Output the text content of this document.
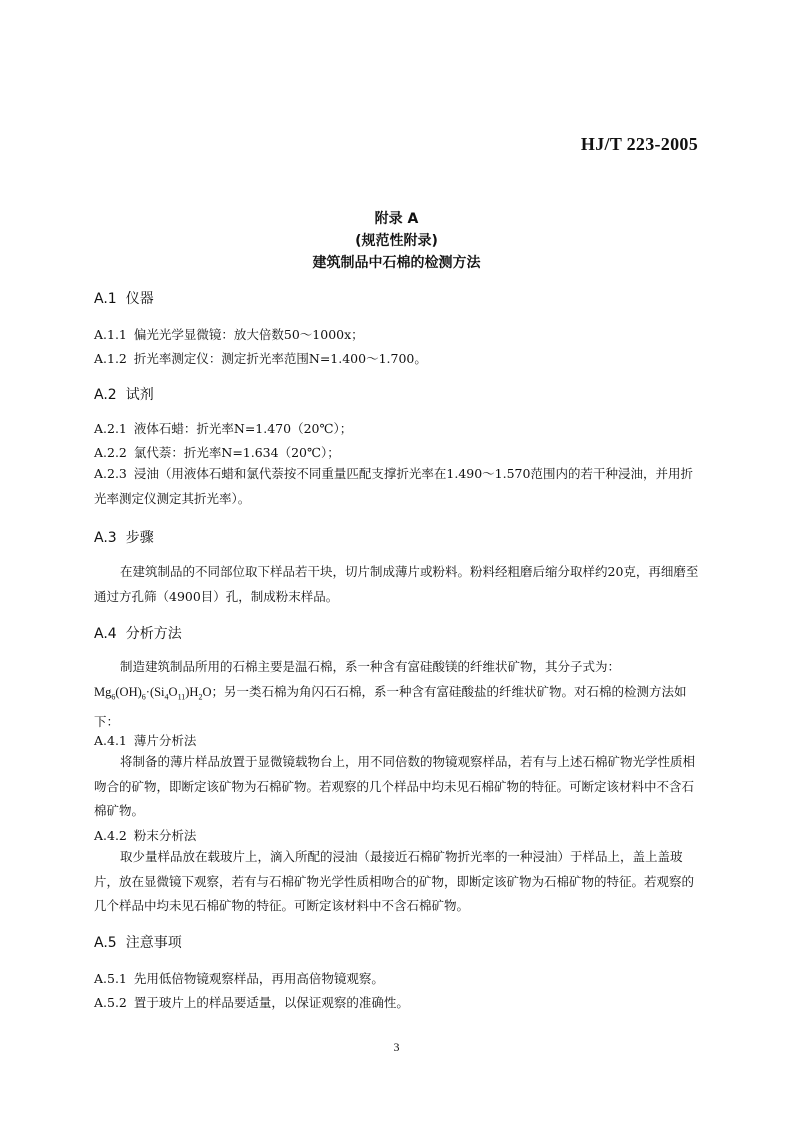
HJ/T 223-2005
附录 A
(规范性附录)
建筑制品中石棉的检测方法
A.1 仪器
A.1.1 偏光光学显微镜：放大倍数50～1000x；
A.1.2 折光率测定仪：测定折光率范围N=1.400～1.700。
A.2 试剂
A.2.1 液体石蜡：折光率N=1.470（20℃）；
A.2.2 氯代萘：折光率N=1.634（20℃）；
A.2.3 浸油（用液体石蜡和氯代萘按不同重量匹配支撑折光率在1.490～1.570范围内的若干种浸油，并用折光率测定仪测定其折光率）。
A.3 步骤
在建筑制品的不同部位取下样品若干块，切片制成薄片或粉料。粉料经粗磨后缩分取样约20克，再细磨至通过方孔筛（4900目）孔，制成粉末样品。
A.4 分析方法
制造建筑制品所用的石棉主要是温石棉，系一种含有富硅酸镁的纤维状矿物，其分子式为：$Mg_6(OH)_6\cdot(Si_4O_{11})H_2O$；另一类石棉为角闪石石棉，系一种含有富硅酸盐的纤维状矿物。对石棉的检测方法如下：
A.4.1 薄片分析法
将制备的薄片样品放置于显微镜载物台上，用不同倍数的物镜观察样品，若有与上述石棉矿物光学性质相吻合的矿物，即断定该矿物为石棉矿物。若观察的几个样品中均未见石棉矿物的特征。可断定该材料中不含石棉矿物。
A.4.2 粉末分析法
取少量样品放在载玻片上，滴入所配的浸油（最接近石棉矿物折光率的一种浸油）于样品上，盖上盖玻片，放在显微镜下观察，若有与石棉矿物光学性质相吻合的矿物，即断定该矿物为石棉矿物的特征。若观察的几个样品中均未见石棉矿物的特征。可断定该材料中不含石棉矿物。
A.5 注意事项
A.5.1 先用低倍物镜观察样品，再用高倍物镜观察。
A.5.2 置于玻片上的样品要适量，以保证观察的准确性。
3
